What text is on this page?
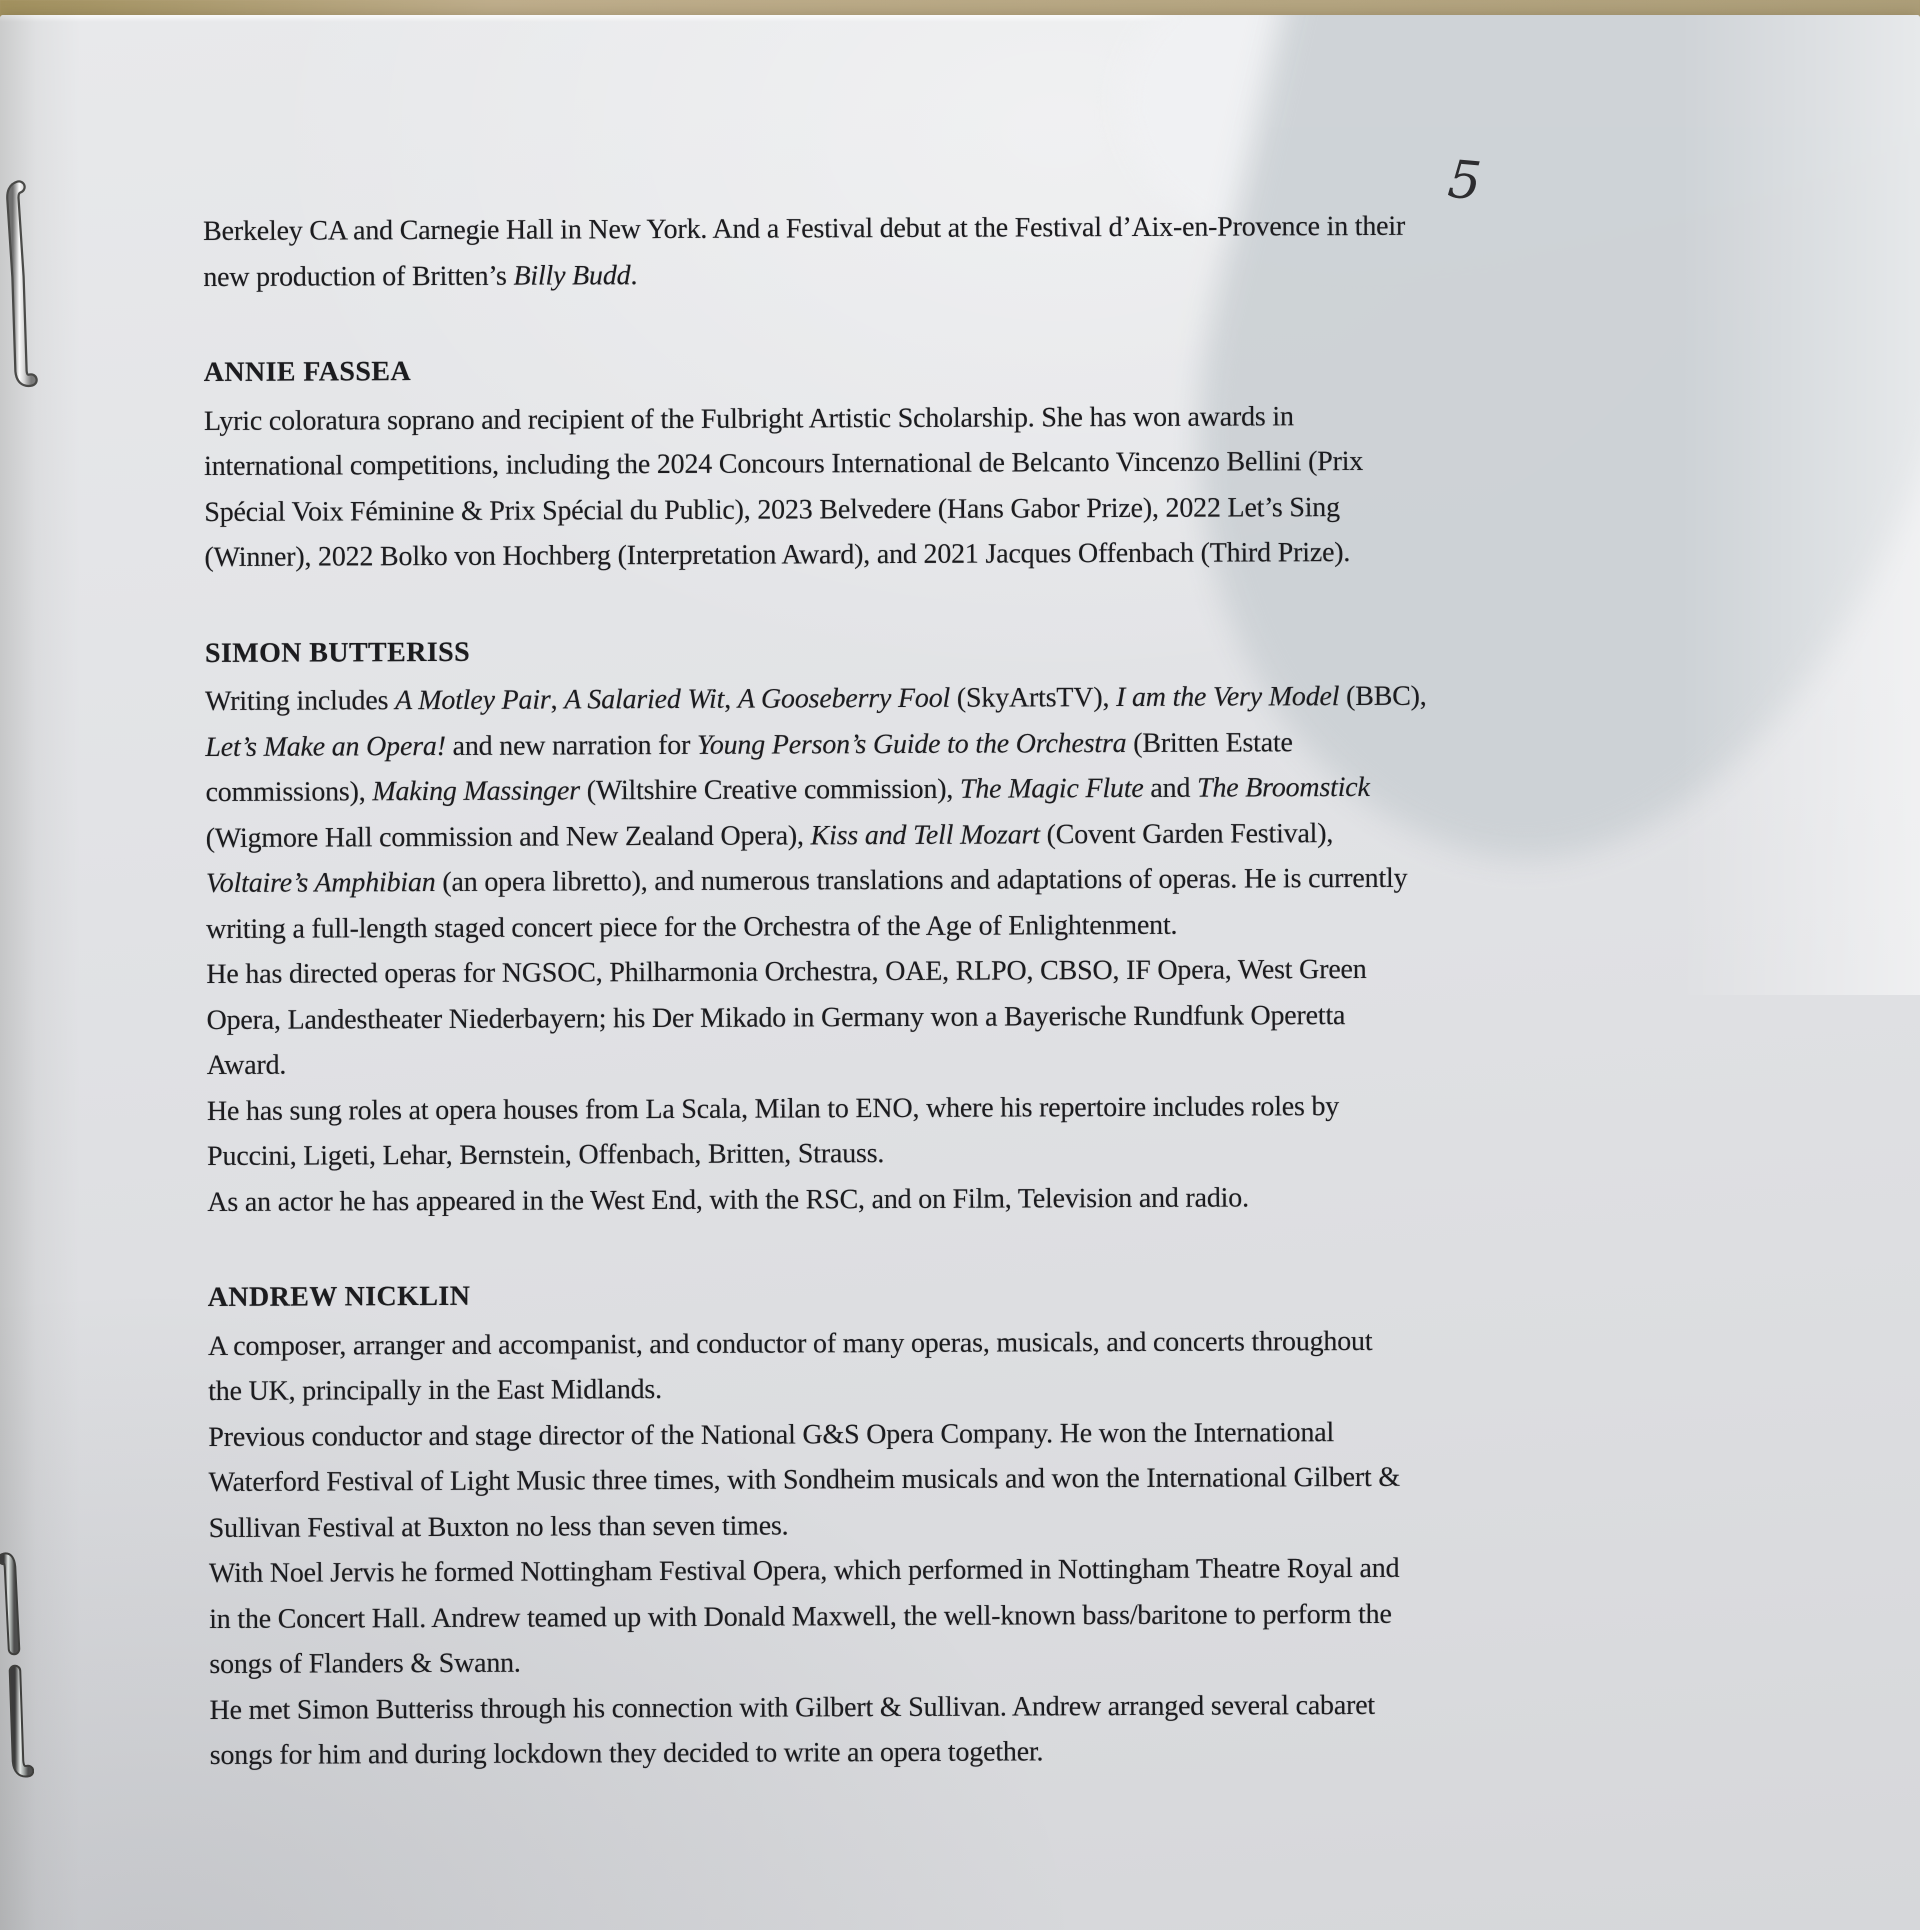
5
Berkeley CA and Carnegie Hall in New York. And a Festival debut at the Festival d’Aix-en-Provence in their
new production of Britten’s Billy Budd.
ANNIE FASSEA
Lyric coloratura soprano and recipient of the Fulbright Artistic Scholarship. She has won awards in
international competitions, including the 2024 Concours International de Belcanto Vincenzo Bellini (Prix
Spécial Voix Féminine & Prix Spécial du Public), 2023 Belvedere (Hans Gabor Prize), 2022 Let’s Sing
(Winner), 2022 Bolko von Hochberg (Interpretation Award), and 2021 Jacques Offenbach (Third Prize).
SIMON BUTTERISS
Writing includes A Motley Pair, A Salaried Wit, A Gooseberry Fool (SkyArtsTV), I am the Very Model (BBC),
Let’s Make an Opera! and new narration for Young Person’s Guide to the Orchestra (Britten Estate
commissions), Making Massinger (Wiltshire Creative commission), The Magic Flute and The Broomstick
(Wigmore Hall commission and New Zealand Opera), Kiss and Tell Mozart (Covent Garden Festival),
Voltaire’s Amphibian (an opera libretto), and numerous translations and adaptations of operas. He is currently
writing a full-length staged concert piece for the Orchestra of the Age of Enlightenment.
He has directed operas for NGSOC, Philharmonia Orchestra, OAE, RLPO, CBSO, IF Opera, West Green
Opera, Landestheater Niederbayern; his Der Mikado in Germany won a Bayerische Rundfunk Operetta
Award.
He has sung roles at opera houses from La Scala, Milan to ENO, where his repertoire includes roles by
Puccini, Ligeti, Lehar, Bernstein, Offenbach, Britten, Strauss.
As an actor he has appeared in the West End, with the RSC, and on Film, Television and radio.
ANDREW NICKLIN
A composer, arranger and accompanist, and conductor of many operas, musicals, and concerts throughout
the UK, principally in the East Midlands.
Previous conductor and stage director of the National G&S Opera Company. He won the International
Waterford Festival of Light Music three times, with Sondheim musicals and won the International Gilbert &
Sullivan Festival at Buxton no less than seven times.
With Noel Jervis he formed Nottingham Festival Opera, which performed in Nottingham Theatre Royal and
in the Concert Hall. Andrew teamed up with Donald Maxwell, the well-known bass/baritone to perform the
songs of Flanders & Swann.
He met Simon Butteriss through his connection with Gilbert & Sullivan. Andrew arranged several cabaret
songs for him and during lockdown they decided to write an opera together.
